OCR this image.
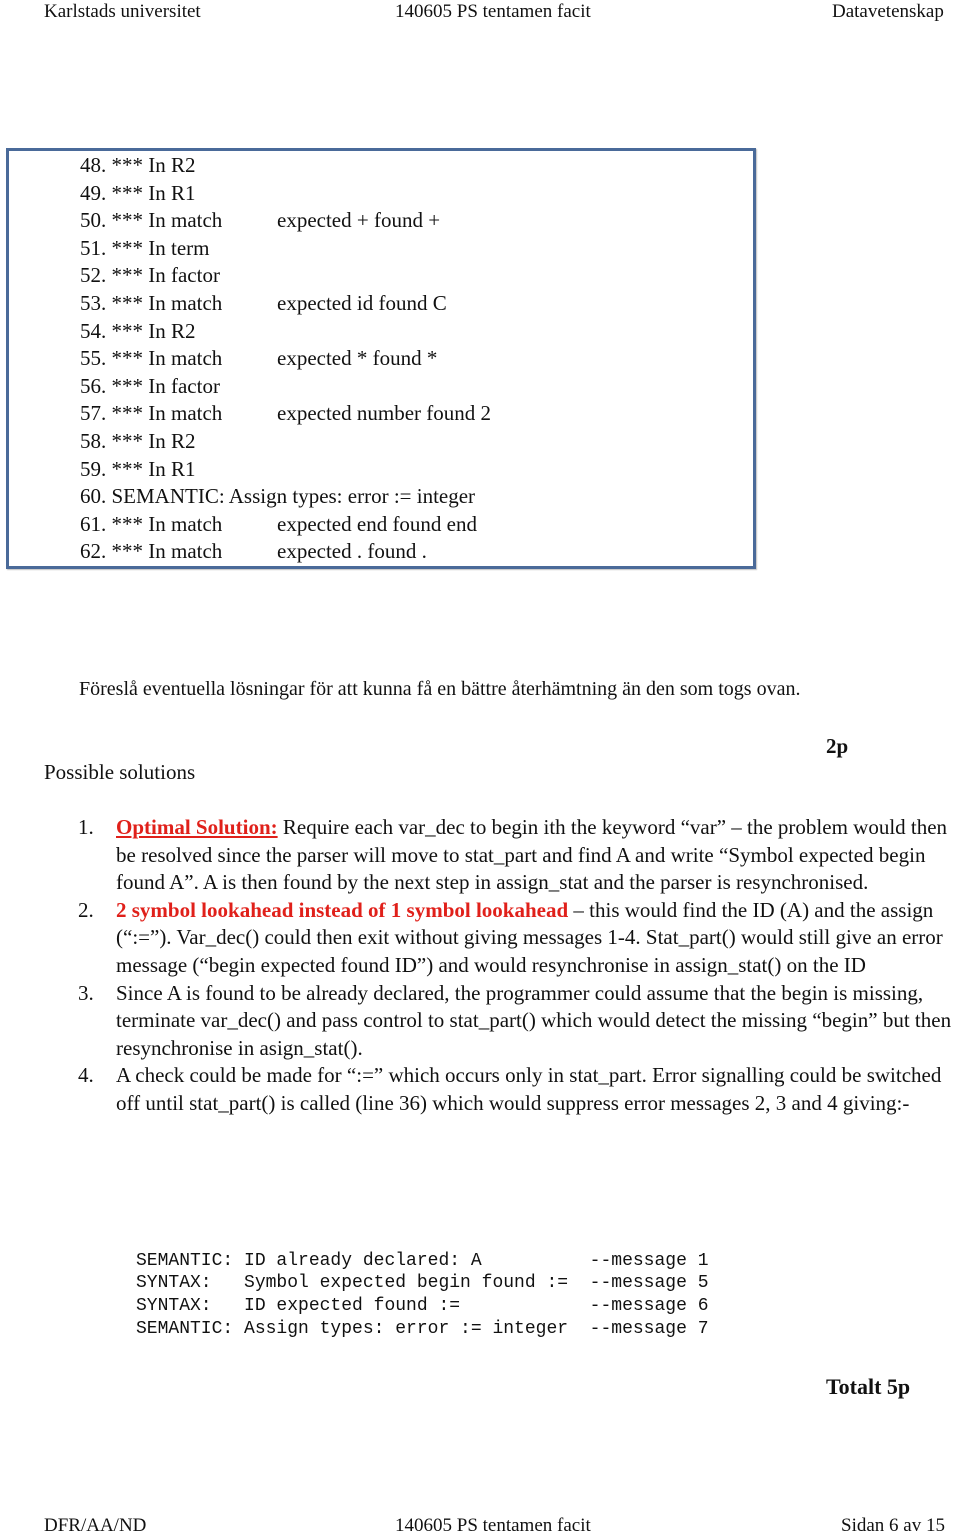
Karlstads universitet	140605 PS tentamen facit	Datavetenskap
48. *** In R2
49. *** In R1
50. *** In match	expected + found +
51. *** In term
52. *** In factor
53. *** In match	expected id found C
54. *** In R2
55. *** In match	expected * found *
56. *** In factor
57. *** In match	expected number found 2
58. *** In R2
59. *** In R1
60. SEMANTIC: Assign types: error := integer
61. *** In match	expected end found end
62. *** In match	expected . found .
Föreslå eventuella lösningar för att kunna få en bättre återhämtning än den som togs ovan.
2p
Possible solutions
1. Optimal Solution: Require each var_dec to begin ith the keyword “var” – the problem would then be resolved since the parser will move to stat_part and find A and write “Symbol expected begin found A”. A is then found by the next step in assign_stat and the parser is resynchronised.
2. 2 symbol lookahead instead of 1 symbol lookahead – this would find the ID (A) and the assign (“:=”). Var_dec() could then exit without giving messages 1-4. Stat_part() would still give an error message (“begin expected found ID”) and would resynchronise in assign_stat() on the ID
3. Since A is found to be already declared, the programmer could assume that the begin is missing, terminate var_dec() and pass control to stat_part() which would detect the missing “begin” but then resynchronise in asign_stat().
4. A check could be made for “:=” which occurs only in stat_part. Error signalling could be switched off until stat_part() is called (line 36) which would suppress error messages 2, 3 and 4 giving:-

SEMANTIC: ID already declared: A          --message 1
SYNTAX:   Symbol expected begin found :=  --message 5
SYNTAX:   ID expected found :=            --message 6
SEMANTIC: Assign types: error := integer  --message 7

Totalt 5p
DFR/AA/ND	140605 PS tentamen facit	Sidan 6 av 15
